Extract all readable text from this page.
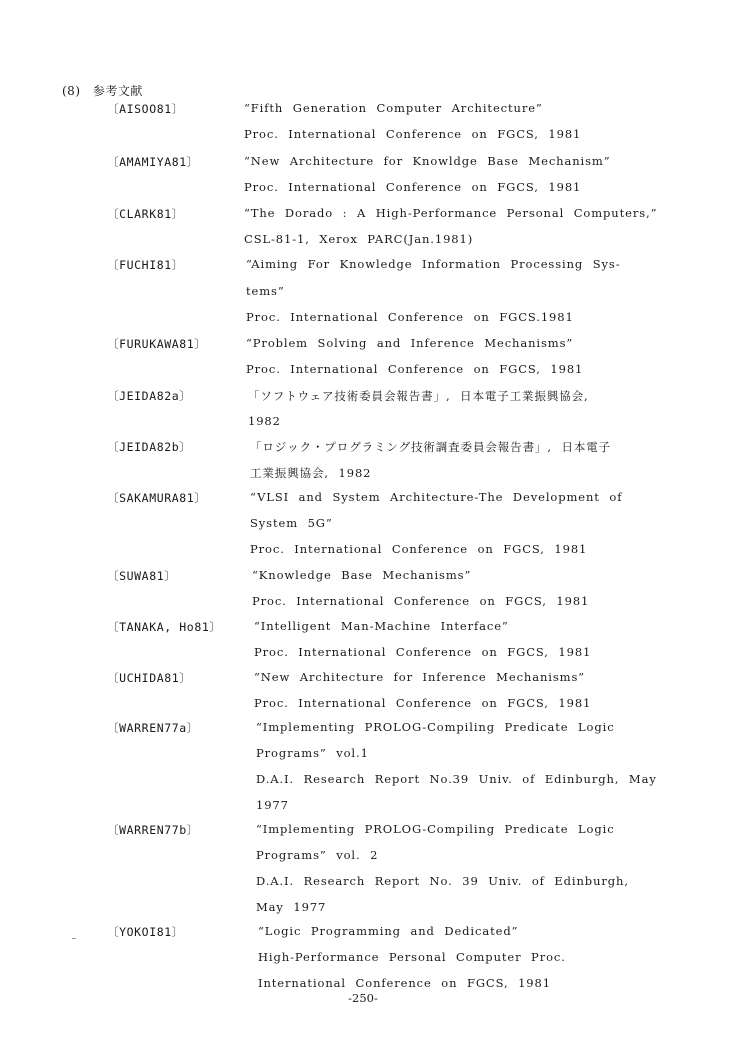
(8) 参考文献
〔AISOO81〕	“Fifth Generation Computer Architecture”
Proc. International Conference on FGCS, 1981
〔AMAMIYA81〕	“New Architecture for Knowldge Base Mechanism”
Proc. International Conference on FGCS, 1981
〔CLARK81〕	“The Dorado : A High-Performance Personal Computers,”
CSL-81-1, Xerox PARC(Jan.1981)
〔FUCHI81〕	“Aiming For Knowledge Information Processing Sys-
tems”
Proc. International Conference on FGCS.1981
〔FURUKAWA81〕	“Problem Solving and Inference Mechanisms”
Proc. International Conference on FGCS, 1981
〔JEIDA82a〕	「ソフトウェア技術委員会報告書」, 日本電子工業振興協会,
1982
〔JEIDA82b〕	「ロジック・プログラミング技術調査委員会報告書」, 日本電子
工業振興協会, 1982
〔SAKAMURA81〕	“VLSI and System Architecture-The Development of
System 5G”
Proc. International Conference on FGCS, 1981
〔SUWA81〕	“Knowledge Base Mechanisms”
Proc. International Conference on FGCS, 1981
〔TANAKA, Ho81〕	“Intelligent Man-Machine Interface”
Proc. International Conference on FGCS, 1981
〔UCHIDA81〕	“New Architecture for Inference Mechanisms”
Proc. International Conference on FGCS, 1981
〔WARREN77a〕	“Implementing PROLOG-Compiling Predicate Logic
Programs” vol.1
D.A.I. Research Report No.39 Univ. of Edinburgh, May
1977
〔WARREN77b〕	“Implementing PROLOG-Compiling Predicate Logic
Programs” vol. 2
D.A.I. Research Report No. 39 Univ. of Edinburgh,
May 1977
〔YOKOI81〕	“Logic Programming and Dedicated”
High-Performance Personal Computer Proc.
International Conference on FGCS, 1981
-250-
